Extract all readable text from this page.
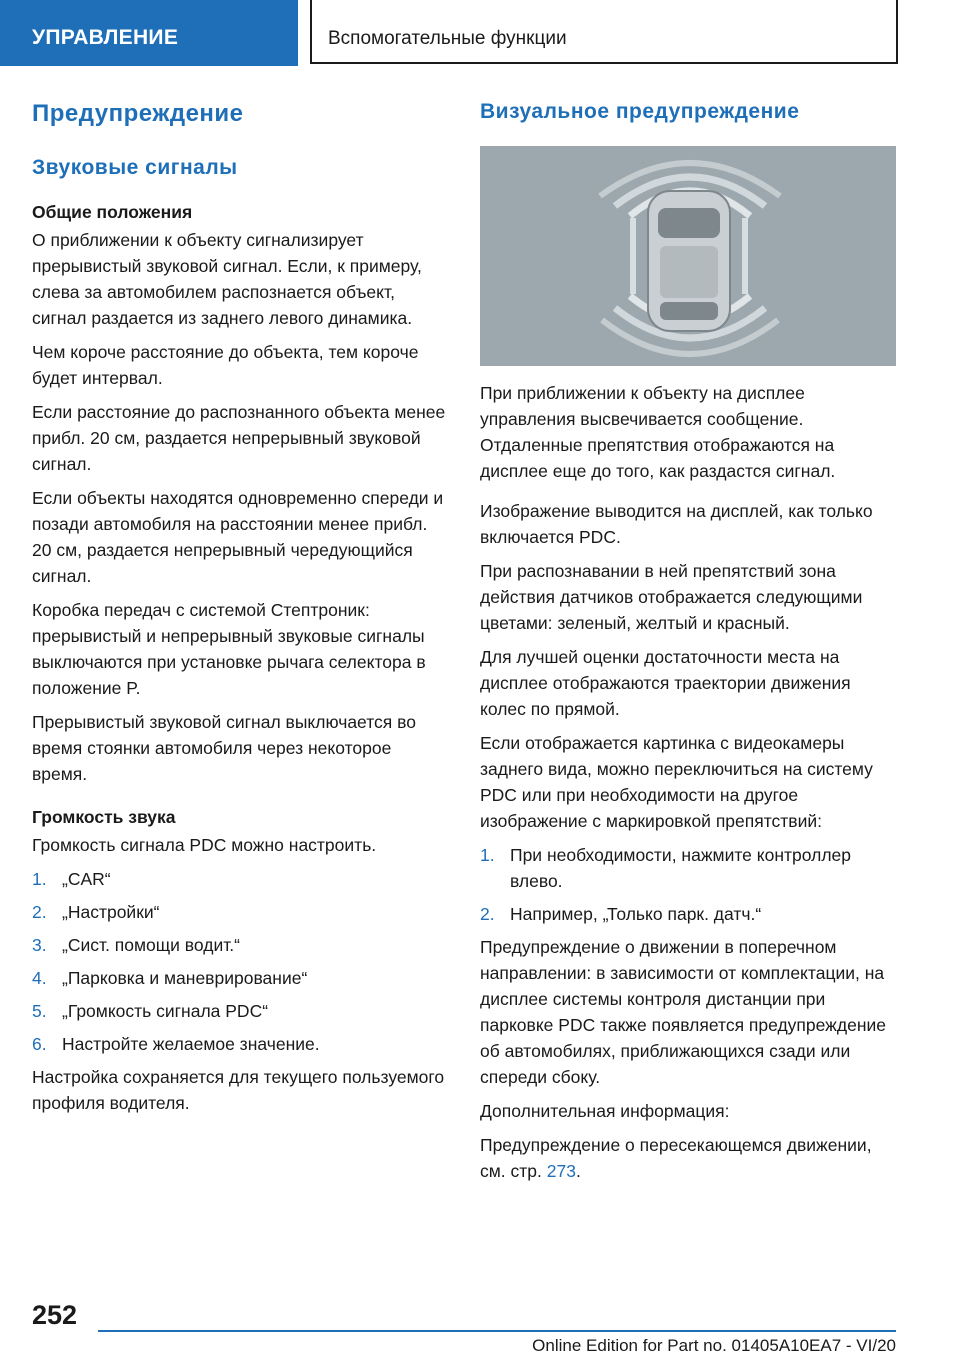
УПРАВЛЕНИЕ	Вспомогательные функции
Предупреждение
Звуковые сигналы
Общие положения

О приближении к объекту сигнализирует прерывистый звуковой сигнал. Если, к примеру, слева за автомобилем распознается объект, сигнал раздается из заднего левого динамика.

Чем короче расстояние до объекта, тем короче будет интервал.

Если расстояние до распознанного объекта менее прибл. 20 см, раздается непрерывный звуковой сигнал.

Если объекты находятся одновременно спереди и позади автомобиля на расстоянии менее прибл. 20 см, раздается непрерывный чередующийся сигнал.

Коробка передач с системой Стептроник: прерывистый и непрерывный звуковые сигналы выключаются при установке рычага селектора в положение P.

Прерывистый звуковой сигнал выключается во время стоянки автомобиля через некоторое время.

Громкость звука

Громкость сигнала PDC можно настроить.

1. „CAR“
2. „Настройки“
3. „Сист. помощи водит.“
4. „Парковка и маневрирование“
5. „Громкость сигнала PDC“
6. Настройте желаемое значение.

Настройка сохраняется для текущего пользуемого профиля водителя.

Визуальное предупреждение

При приближении к объекту на дисплее управления высвечивается сообщение. Отдаленные препятствия отображаются на дисплее еще до того, как раздастся сигнал.

Изображение выводится на дисплей, как только включается PDC.

При распознавании в ней препятствий зона действия датчиков отображается следующими цветами: зеленый, желтый и красный.

Для лучшей оценки достаточности места на дисплее отображаются траектории движения колес по прямой.

Если отображается картинка с видеокамеры заднего вида, можно переключиться на систему PDC или при необходимости на другое изображение с маркировкой препятствий:

1. При необходимости, нажмите контроллер влево.
2. Например, „Только парк. датч.“

Предупреждение о движении в поперечном направлении: в зависимости от комплектации, на дисплее системы контроля дистанции при парковке PDC также появляется предупреждение об автомобилях, приближающихся сзади или спереди сбоку.

Дополнительная информация:

Предупреждение о пересекающемся движении, см. стр. 273.

252
Online Edition for Part no. 01405A10EA7 - VI/20
